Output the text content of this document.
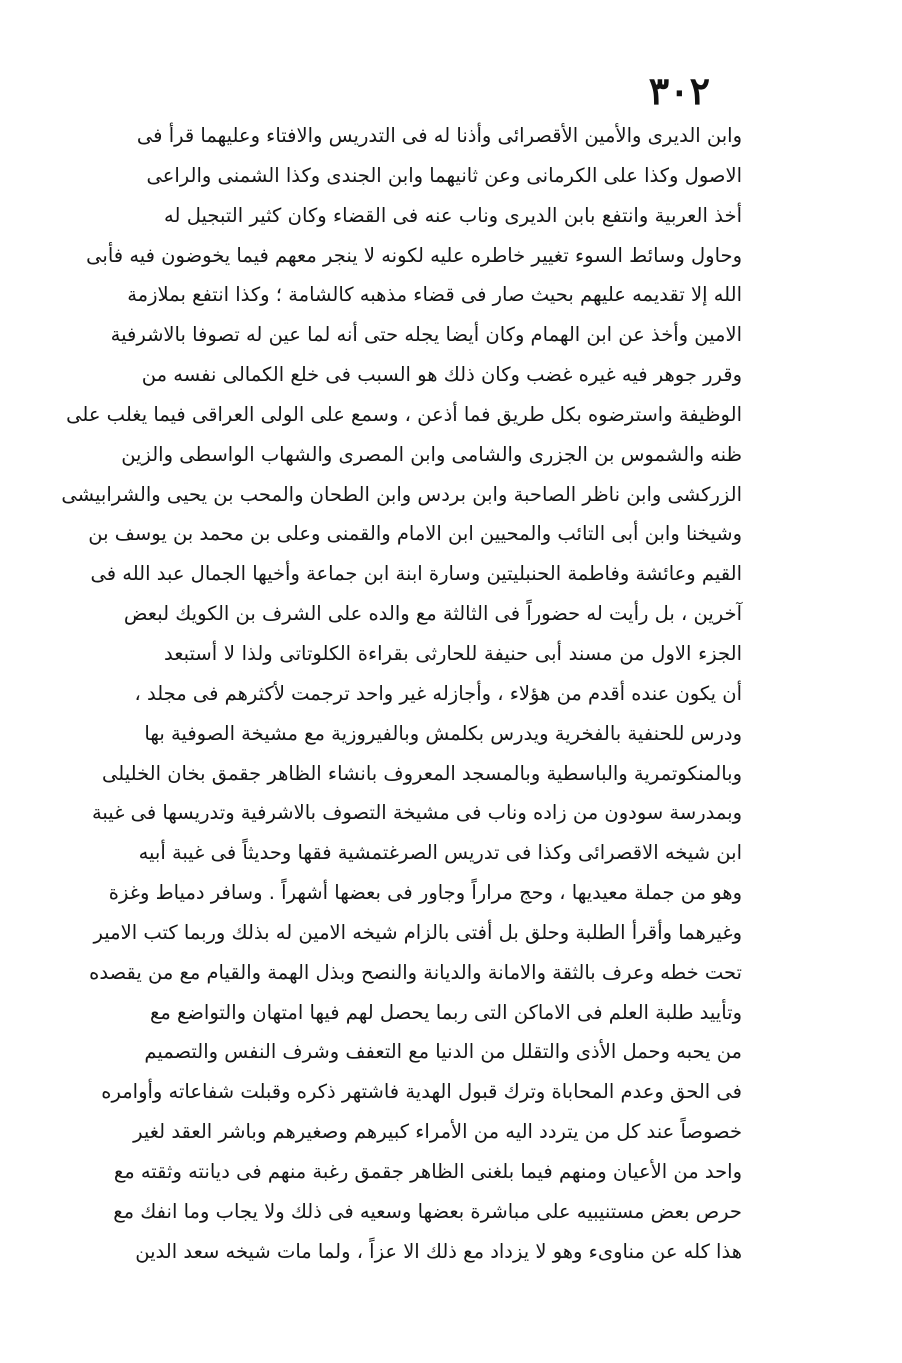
٣٠٢
وابن الديرى والأمين الأقصرائى وأذنا له فى التدريس والافتاء وعليهما قرأ فى
الاصول وكذا على الكرمانى وعن ثانيهما وابن الجندى وكذا الشمنى والراعى
أخذ العربية وانتفع بابن الديرى وناب عنه فى القضاء وكان كثير التبجيل له
وحاول وسائط السوء تغيير خاطره عليه لكونه لا ينجر معهم فيما يخوضون فيه فأبى
الله إلا تقديمه عليهم بحيث صار فى قضاء مذهبه كالشامة ؛ وكذا انتفع بملازمة
الامين وأخذ عن ابن الهمام وكان أيضا يجله حتى أنه لما عين له تصوفا بالاشرفية
وقرر جوهر فيه غيره غضب وكان ذلك هو السبب فى خلع الكمالى نفسه من
الوظيفة واسترضوه بكل طريق فما أذعن ، وسمع على الولى العراقى فيما يغلب على
ظنه والشموس بن الجزرى والشامى وابن المصرى والشهاب الواسطى والزين
الزركشى وابن ناظر الصاحبة وابن بردس وابن الطحان والمحب بن يحيى والشرابيشى
وشيخنا وابن أبى التائب والمحيين ابن الامام والقمنى وعلى بن محمد بن يوسف بن
القيم وعائشة وفاطمة الحنبليتين وسارة ابنة ابن جماعة وأخيها الجمال عبد الله فى
آخرين ، بل رأيت له حضوراً فى الثالثة مع والده على الشرف بن الكويك لبعض
الجزء الاول من مسند أبى حنيفة للحارثى بقراءة الكلوتاتى ولذا لا أستبعد
أن يكون عنده أقدم من هؤلاء ، وأجازله غير واحد ترجمت لأكثرهم فى مجلد ،
ودرس للحنفية بالفخرية ويدرس بكلمش وبالفيروزية مع مشيخة الصوفية بها
وبالمنكوتمرية والباسطية وبالمسجد المعروف بانشاء الظاهر جقمق بخان الخليلى
وبمدرسة سودون من زاده وناب فى مشيخة التصوف بالاشرفية وتدريسها فى غيبة
ابن شيخه الاقصرائى وكذا فى تدريس الصرغتمشية فقها وحديثاً فى غيبة أبيه
وهو من جملة معيديها ، وحج مراراً وجاور فى بعضها أشهراً . وسافر دمياط وغزة
وغيرهما وأقرأ الطلبة وحلق بل أفتى بالزام شيخه الامين له بذلك وربما كتب الامير
تحت خطه وعرف بالثقة والامانة والديانة والنصح وبذل الهمة والقيام مع من يقصده
وتأييد طلبة العلم فى الاماكن التى ربما يحصل لهم فيها امتهان والتواضع مع
من يحبه وحمل الأذى والتقلل من الدنيا مع التعفف وشرف النفس والتصميم
فى الحق وعدم المحاباة وترك قبول الهدية فاشتهر ذكره وقبلت شفاعاته وأوامره
خصوصاً عند كل من يتردد اليه من الأمراء كبيرهم وصغيرهم وباشر العقد لغير
واحد من الأعيان ومنهم فيما بلغنى الظاهر جقمق رغبة منهم فى ديانته وثقته مع
حرص بعض مستنيبيه على مباشرة بعضها وسعيه فى ذلك ولا يجاب وما انفك مع
هذا كله عن مناوىء وهو لا يزداد مع ذلك الا عزاً ، ولما مات شيخه سعد الدين
